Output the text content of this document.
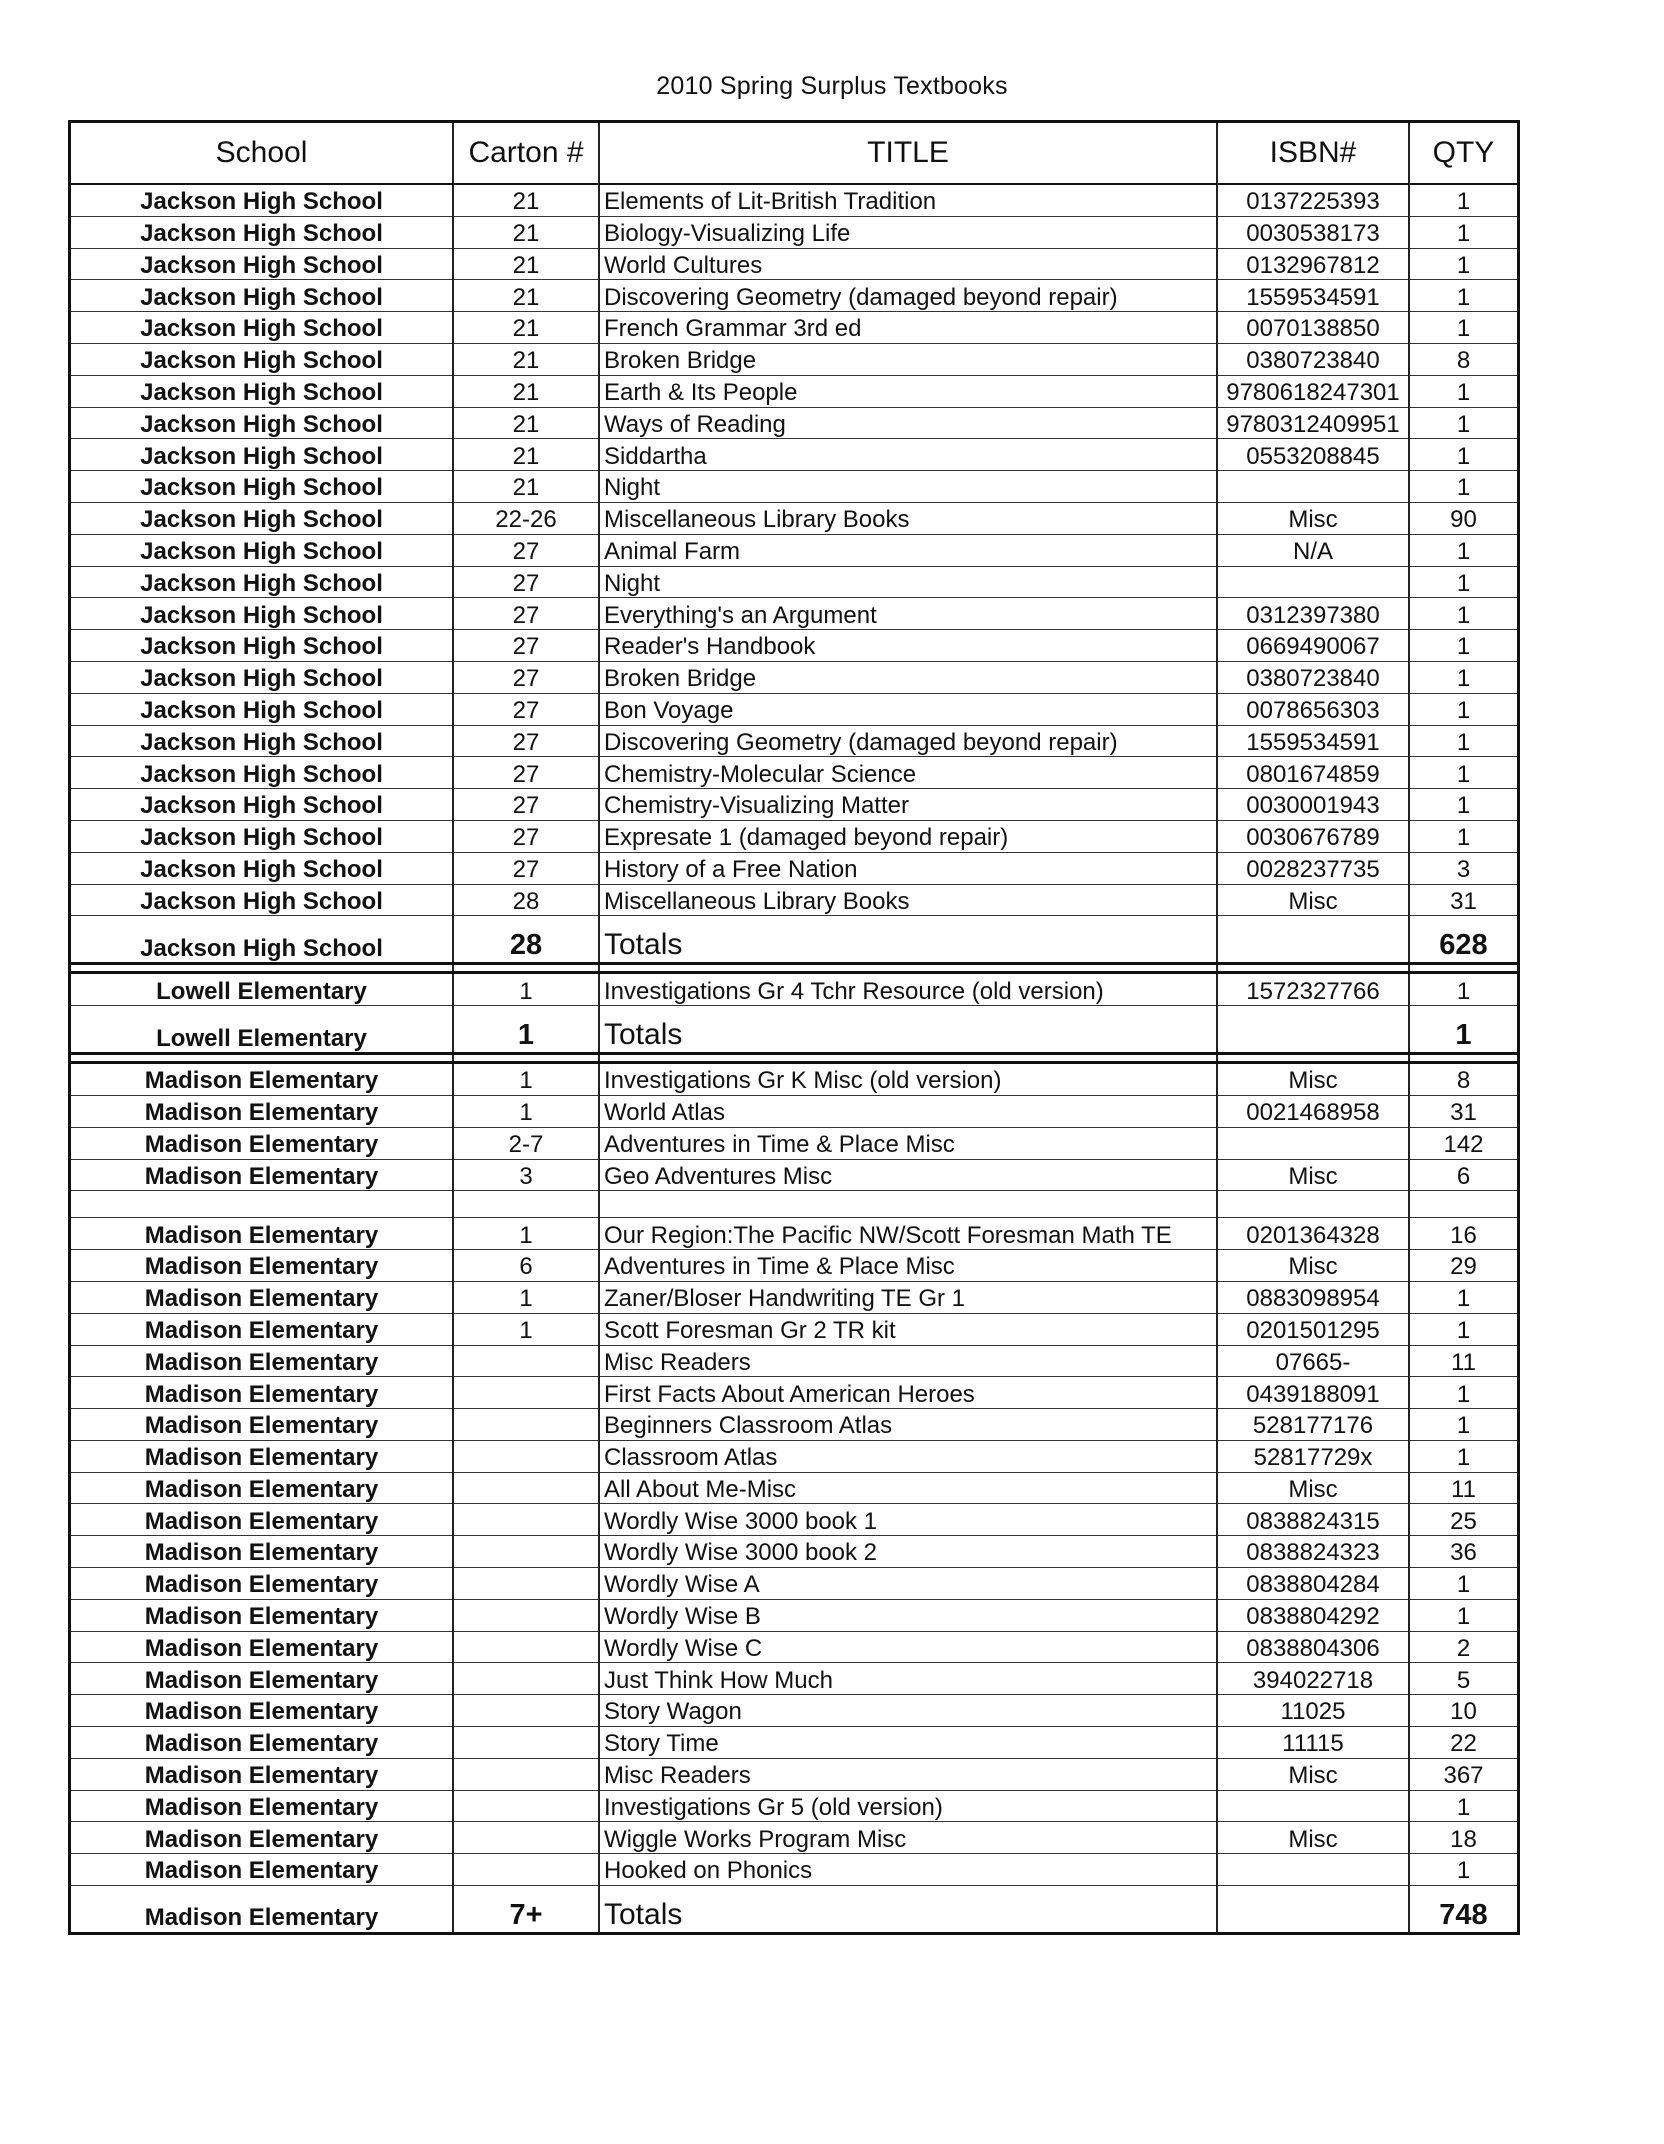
2010 Spring Surplus Textbooks
School	Carton #	TITLE	ISBN#	QTY
Jackson High School	21	Elements of Lit-British Tradition	0137225393	1
Jackson High School	21	Biology-Visualizing Life	0030538173	1
Jackson High School	21	World Cultures	0132967812	1
Jackson High School	21	Discovering Geometry (damaged beyond repair)	1559534591	1
Jackson High School	21	French Grammar 3rd ed	0070138850	1
Jackson High School	21	Broken Bridge	0380723840	8
Jackson High School	21	Earth & Its People	9780618247301	1
Jackson High School	21	Ways of Reading	9780312409951	1
Jackson High School	21	Siddartha	0553208845	1
Jackson High School	21	Night		1
Jackson High School	22-26	Miscellaneous Library Books	Misc	90
Jackson High School	27	Animal Farm	N/A	1
Jackson High School	27	Night		1
Jackson High School	27	Everything's an Argument	0312397380	1
Jackson High School	27	Reader's Handbook	0669490067	1
Jackson High School	27	Broken Bridge	0380723840	1
Jackson High School	27	Bon Voyage	0078656303	1
Jackson High School	27	Discovering Geometry (damaged beyond repair)	1559534591	1
Jackson High School	27	Chemistry-Molecular Science	0801674859	1
Jackson High School	27	Chemistry-Visualizing Matter	0030001943	1
Jackson High School	27	Expresate 1 (damaged beyond repair)	0030676789	1
Jackson High School	27	History of a Free Nation	0028237735	3
Jackson High School	28	Miscellaneous Library Books	Misc	31
Jackson High School	28	Totals		628

Lowell Elementary	1	Investigations Gr 4 Tchr Resource (old version)	1572327766	1
Lowell Elementary	1	Totals		1

Madison Elementary	1	Investigations Gr K Misc (old version)	Misc	8
Madison Elementary	1	World Atlas	0021468958	31
Madison Elementary	2-7	Adventures in Time & Place Misc		142
Madison Elementary	3	Geo Adventures Misc	Misc	6

Madison Elementary	1	Our Region:The Pacific NW/Scott Foresman Math TE	0201364328	16
Madison Elementary	6	Adventures in Time & Place Misc	Misc	29
Madison Elementary	1	Zaner/Bloser Handwriting TE Gr 1	0883098954	1
Madison Elementary	1	Scott Foresman Gr 2 TR kit	0201501295	1
Madison Elementary		Misc Readers	07665-	11
Madison Elementary		First Facts About American Heroes	0439188091	1
Madison Elementary		Beginners Classroom Atlas	528177176	1
Madison Elementary		Classroom Atlas	52817729x	1
Madison Elementary		All About Me-Misc	Misc	11
Madison Elementary		Wordly Wise 3000 book 1	0838824315	25
Madison Elementary		Wordly Wise 3000 book 2	0838824323	36
Madison Elementary		Wordly Wise A	0838804284	1
Madison Elementary		Wordly Wise B	0838804292	1
Madison Elementary		Wordly Wise C	0838804306	2
Madison Elementary		Just Think How Much	394022718	5
Madison Elementary		Story Wagon	11025	10
Madison Elementary		Story Time	11115	22
Madison Elementary		Misc Readers	Misc	367
Madison Elementary		Investigations Gr 5 (old version)		1
Madison Elementary		Wiggle Works Program Misc	Misc	18
Madison Elementary		Hooked on Phonics		1
Madison Elementary	7+	Totals		748
